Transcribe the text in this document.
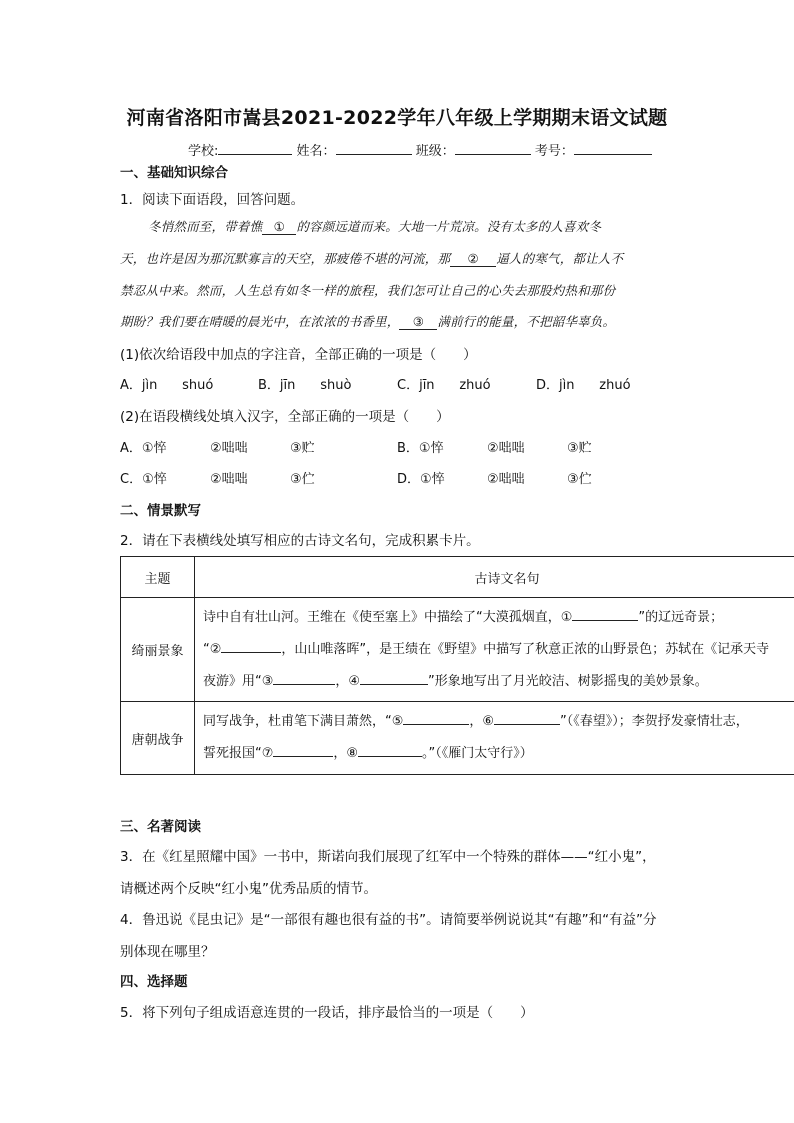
河南省洛阳市嵩县2021-2022学年八年级上学期期末语文试题
学校:	姓名：	班级：	考号：
一、基础知识综合
1．阅读下面语段，回答问题。
冬悄然而至，带着憔 ① 的容颜远道而来。大地一片荒凉。没有太多的人喜欢冬
天，也许是因为那沉默寡言的天空，那疲倦不堪的河流，那 ② 逼人的寒气，都让人不
禁忍从中来。然而，人生总有如冬一样的旅程，我们怎可让自己的心失去那股灼热和那份
期盼？我们要在晴暖的晨光中，在浓浓的书香里， ③ 满前行的能量，不把韶华辜负。
(1)依次给语段中加点的字注音，全部正确的一项是（　　）
A．jìn shuó	B．jīn shuò	C．jīn zhuó	D．jìn zhuó
(2)在语段横线处填入汉字，全部正确的一项是（　　）
A．①悴	②咄咄	③贮	B．①悴	②咄咄	③贮
C．①悴	②咄咄	③伫	D．①悴	②咄咄	③伫
二、情景默写
2．请在下表横线处填写相应的古诗文名句，完成积累卡片。
主题	古诗文名句
绮丽景象	诗中自有壮山河。王维在《使至塞上》中描绘了“大漠孤烟直，① ”的辽远奇景；
“② ，山山唯落晖”，是王绩在《野望》中描写了秋意正浓的山野景色；苏轼在《记承天寺
夜游》用“③ ，④ ”形象地写出了月光皎洁、树影摇曳的美妙景象。

唐朝战争	同写战争，杜甫笔下满目萧然，“⑤ ，⑥ ”（《春望》）；李贺抒发豪情壮志，
誓死报国“⑦ ，⑧ 。”（《雁门太守行》）
三、名著阅读
3．在《红星照耀中国》一书中，斯诺向我们展现了红军中一个特殊的群体——“红小鬼”，
请概述两个反映“红小鬼”优秀品质的情节。
4．鲁迅说《昆虫记》是“一部很有趣也很有益的书”。请简要举例说说其“有趣”和“有益”分
别体现在哪里？
四、选择题
5．将下列句子组成语意连贯的一段话，排序最恰当的一项是（　　）
